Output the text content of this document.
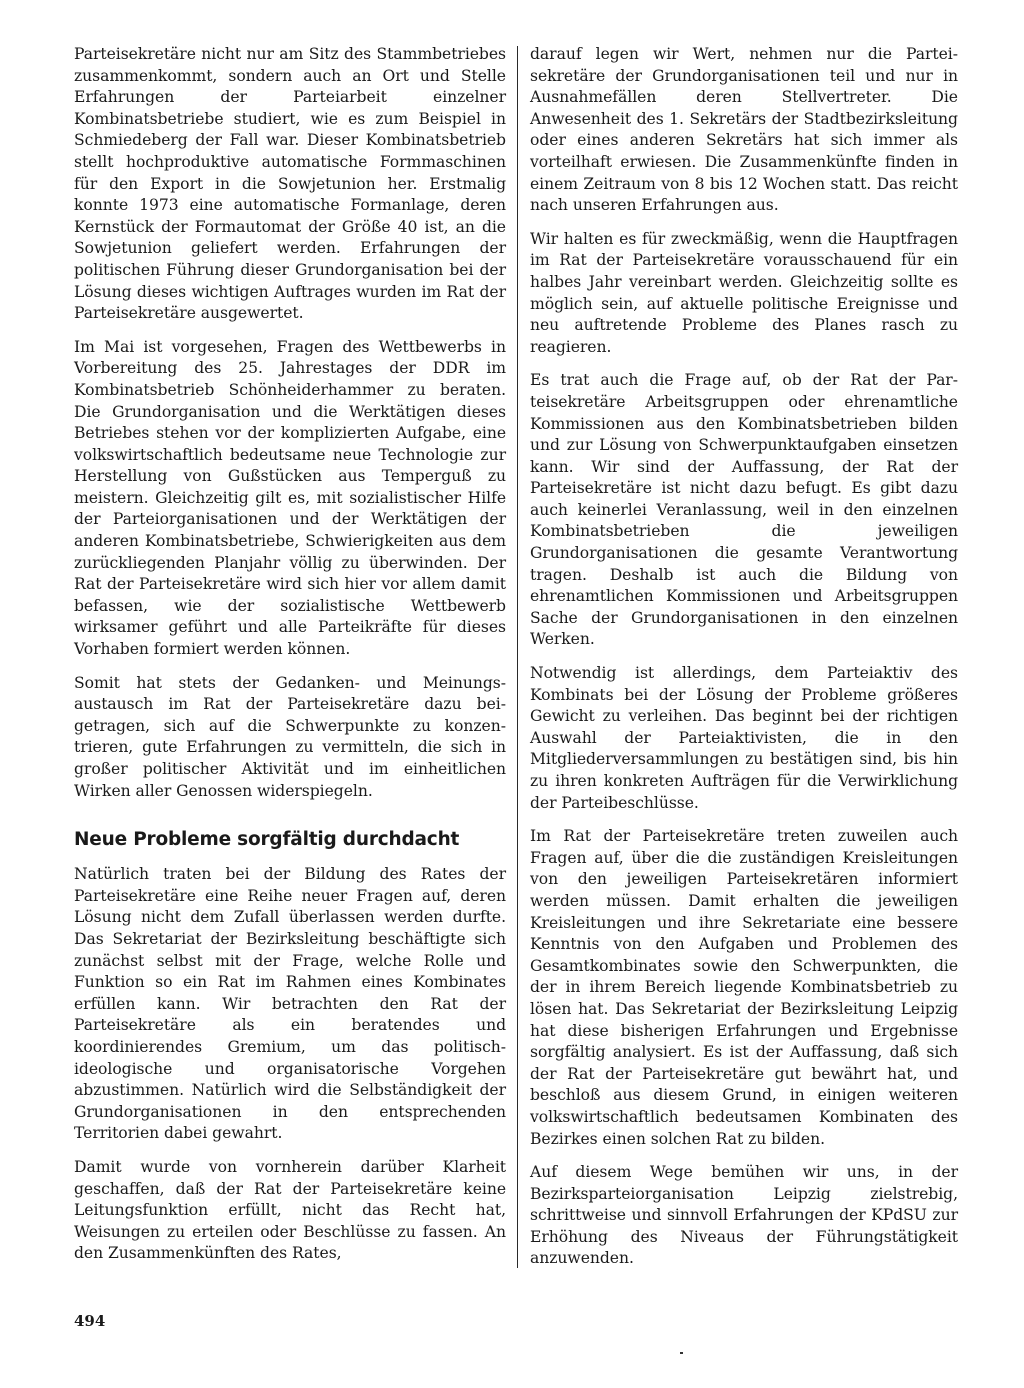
Parteisekretäre nicht nur am Sitz des Stammbetriebes zusammenkommt, sondern auch an Ort und Stelle Erfahrungen der Parteiarbeit einzelner Kombinatsbetriebe studiert, wie es zum Beispiel in Schmiedeberg der Fall war. Dieser Kombinatsbetrieb stellt hochproduktive automatische Formmaschinen für den Export in die Sowjetunion her. Erstmalig konnte 1973 eine automatische Formanlage, deren Kernstück der Formautomat der Größe 40 ist, an die Sowjetunion geliefert werden. Erfahrungen der politischen Führung dieser Grundorganisation bei der Lösung dieses wichtigen Auftrages wurden im Rat der Parteisekretäre ausgewertet.

Im Mai ist vorgesehen, Fragen des Wettbewerbs in Vorbereitung des 25. Jahrestages der DDR im Kombinatsbetrieb Schönheiderhammer zu beraten. Die Grundorganisation und die Werktätigen dieses Betriebes stehen vor der komplizierten Aufgabe, eine volkswirtschaftlich bedeutsame neue Technologie zur Herstellung von Gußstücken aus Temperguß zu meistern. Gleichzeitig gilt es, mit sozialistischer Hilfe der Parteiorganisationen und der Werktätigen der anderen Kombinatsbetriebe, Schwierigkeiten aus dem zurückliegenden Planjahr völlig zu überwinden. Der Rat der Parteisekretäre wird sich hier vor allem damit befassen, wie der sozialistische Wettbewerb wirksamer geführt und alle Parteikräfte für dieses Vorhaben formiert werden können.

Somit hat stets der Gedanken- und Meinungsaustausch im Rat der Parteisekretäre dazu beigetragen, sich auf die Schwerpunkte zu konzentrieren, gute Erfahrungen zu vermitteln, die sich in großer politischer Aktivität und im einheitlichen Wirken aller Genossen widerspiegeln.

Neue Probleme sorgfältig durchdacht

Natürlich traten bei der Bildung des Rates der Parteisekretäre eine Reihe neuer Fragen auf, deren Lösung nicht dem Zufall überlassen werden durfte. Das Sekretariat der Bezirksleitung beschäftigte sich zunächst selbst mit der Frage, welche Rolle und Funktion so ein Rat im Rahmen eines Kombinates erfüllen kann. Wir betrachten den Rat der Parteisekretäre als ein beratendes und koordinierendes Gremium, um das politisch-ideologische und organisatorische Vorgehen abzustimmen. Natürlich wird die Selbständigkeit der Grundorganisationen in den entsprechenden Territorien dabei gewahrt.

Damit wurde von vornherein darüber Klarheit geschaffen, daß der Rat der Parteisekretäre keine Leitungsfunktion erfüllt, nicht das Recht hat, Weisungen zu erteilen oder Beschlüsse zu fassen. An den Zusammenkünften des Rates,

darauf legen wir Wert, nehmen nur die Parteisekretäre der Grundorganisationen teil und nur in Ausnahmefällen deren Stellvertreter. Die Anwesenheit des 1. Sekretärs der Stadtbezirksleitung oder eines anderen Sekretärs hat sich immer als vorteilhaft erwiesen. Die Zusammenkünfte finden in einem Zeitraum von 8 bis 12 Wochen statt. Das reicht nach unseren Erfahrungen aus.

Wir halten es für zweckmäßig, wenn die Hauptfragen im Rat der Parteisekretäre vorausschauend für ein halbes Jahr vereinbart werden. Gleichzeitig sollte es möglich sein, auf aktuelle politische Ereignisse und neu auftretende Probleme des Planes rasch zu reagieren.

Es trat auch die Frage auf, ob der Rat der Parteisekretäre Arbeitsgruppen oder ehrenamtliche Kommissionen aus den Kombinatsbetrieben bilden und zur Lösung von Schwerpunktaufgaben einsetzen kann. Wir sind der Auffassung, der Rat der Parteisekretäre ist nicht dazu befugt. Es gibt dazu auch keinerlei Veranlassung, weil in den einzelnen Kombinatsbetrieben die jeweiligen Grundorganisationen die gesamte Verantwortung tragen. Deshalb ist auch die Bildung von ehrenamtlichen Kommissionen und Arbeitsgruppen Sache der Grundorganisationen in den einzelnen Werken.

Notwendig ist allerdings, dem Parteiaktiv des Kombinats bei der Lösung der Probleme größeres Gewicht zu verleihen. Das beginnt bei der richtigen Auswahl der Parteiaktivisten, die in den Mitgliederversammlungen zu bestätigen sind, bis hin zu ihren konkreten Aufträgen für die Verwirklichung der Parteibeschlüsse.

Im Rat der Parteisekretäre treten zuweilen auch Fragen auf, über die die zuständigen Kreisleitungen von den jeweiligen Parteisekretären informiert werden müssen. Damit erhalten die jeweiligen Kreisleitungen und ihre Sekretariate eine bessere Kenntnis von den Aufgaben und Problemen des Gesamtkombinates sowie den Schwerpunkten, die der in ihrem Bereich liegende Kombinatsbetrieb zu lösen hat. Das Sekretariat der Bezirksleitung Leipzig hat diese bisherigen Erfahrungen und Ergebnisse sorgfältig analysiert. Es ist der Auffassung, daß sich der Rat der Parteisekretäre gut bewährt hat, und beschloß aus diesem Grund, in einigen weiteren volkswirtschaftlich bedeutsamen Kombinaten des Bezirkes einen solchen Rat zu bilden.

Auf diesem Wege bemühen wir uns, in der Bezirksparteiorganisation Leipzig zielstrebig, schrittweise und sinnvoll Erfahrungen der KPdSU zur Erhöhung des Niveaus der Führungstätigkeit anzuwenden.

494
